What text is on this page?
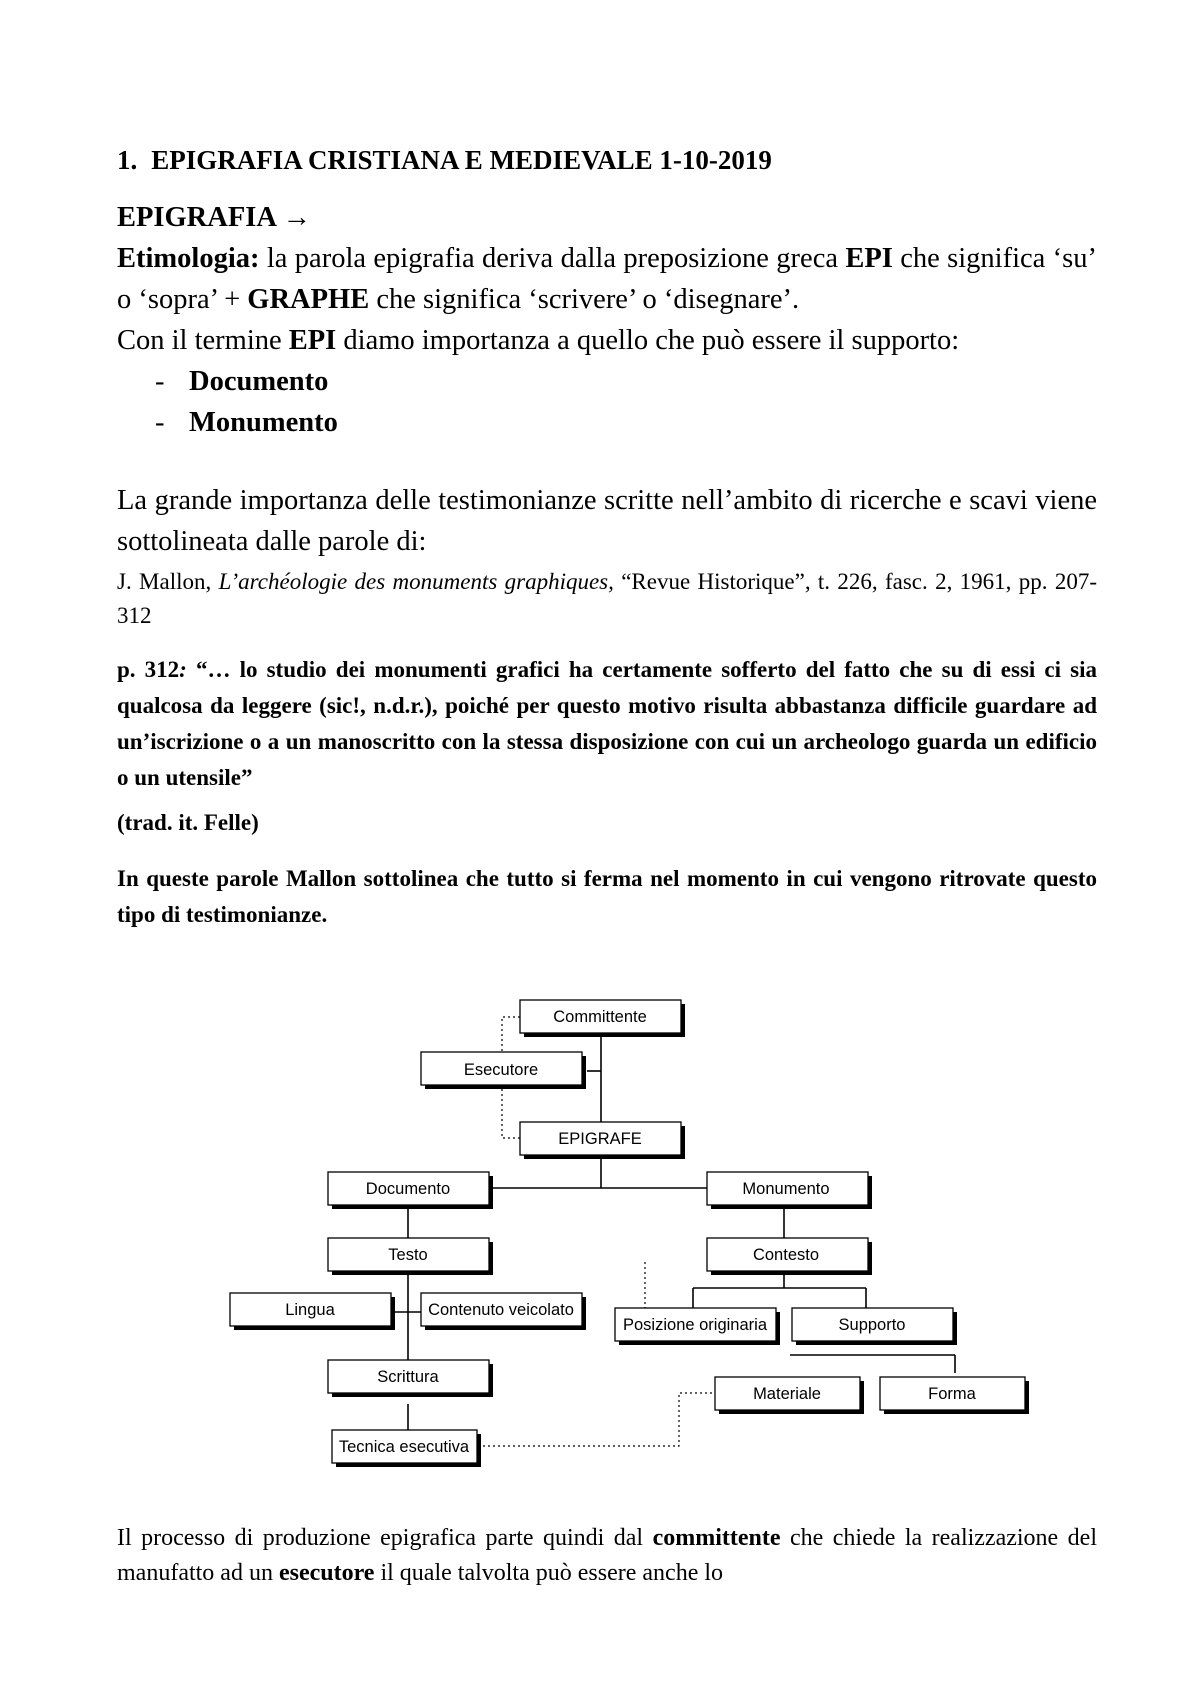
1. EPIGRAFIA CRISTIANA E MEDIEVALE 1-10-2019
EPIGRAFIA →
Etimologia: la parola epigrafia deriva dalla preposizione greca EPI che significa ‘su’ o ‘sopra’ + GRAPHE che significa ‘scrivere’ o ‘disegnare’.
Con il termine EPI diamo importanza a quello che può essere il supporto:
- Documento
- Monumento
La grande importanza delle testimonianze scritte nell’ambito di ricerche e scavi viene sottolineata dalle parole di:
J. Mallon, L’archéologie des monuments graphiques, “Revue Historique”, t. 226, fasc. 2, 1961, pp. 207-312
p. 312: “… lo studio dei monumenti grafici ha certamente sofferto del fatto che su di essi ci sia qualcosa da leggere (sic!, n.d.r.), poiché per questo motivo risulta abbastanza difficile guardare ad un’iscrizione o a un manoscritto con la stessa disposizione con cui un archeologo guarda un edificio o un utensile”
(trad. it. Felle)
In queste parole Mallon sottolinea che tutto si ferma nel momento in cui vengono ritrovate questo tipo di testimonianze.
Committente
Esecutore
EPIGRAFE
Documento	Monumento
Testo	Contesto
Lingua	Contenuto veicolato
Posizione originaria	Supporto
Scrittura
Materiale	Forma
Tecnica esecutiva
Il processo di produzione epigrafica parte quindi dal committente che chiede la realizzazione del manufatto ad un esecutore il quale talvolta può essere anche lo
